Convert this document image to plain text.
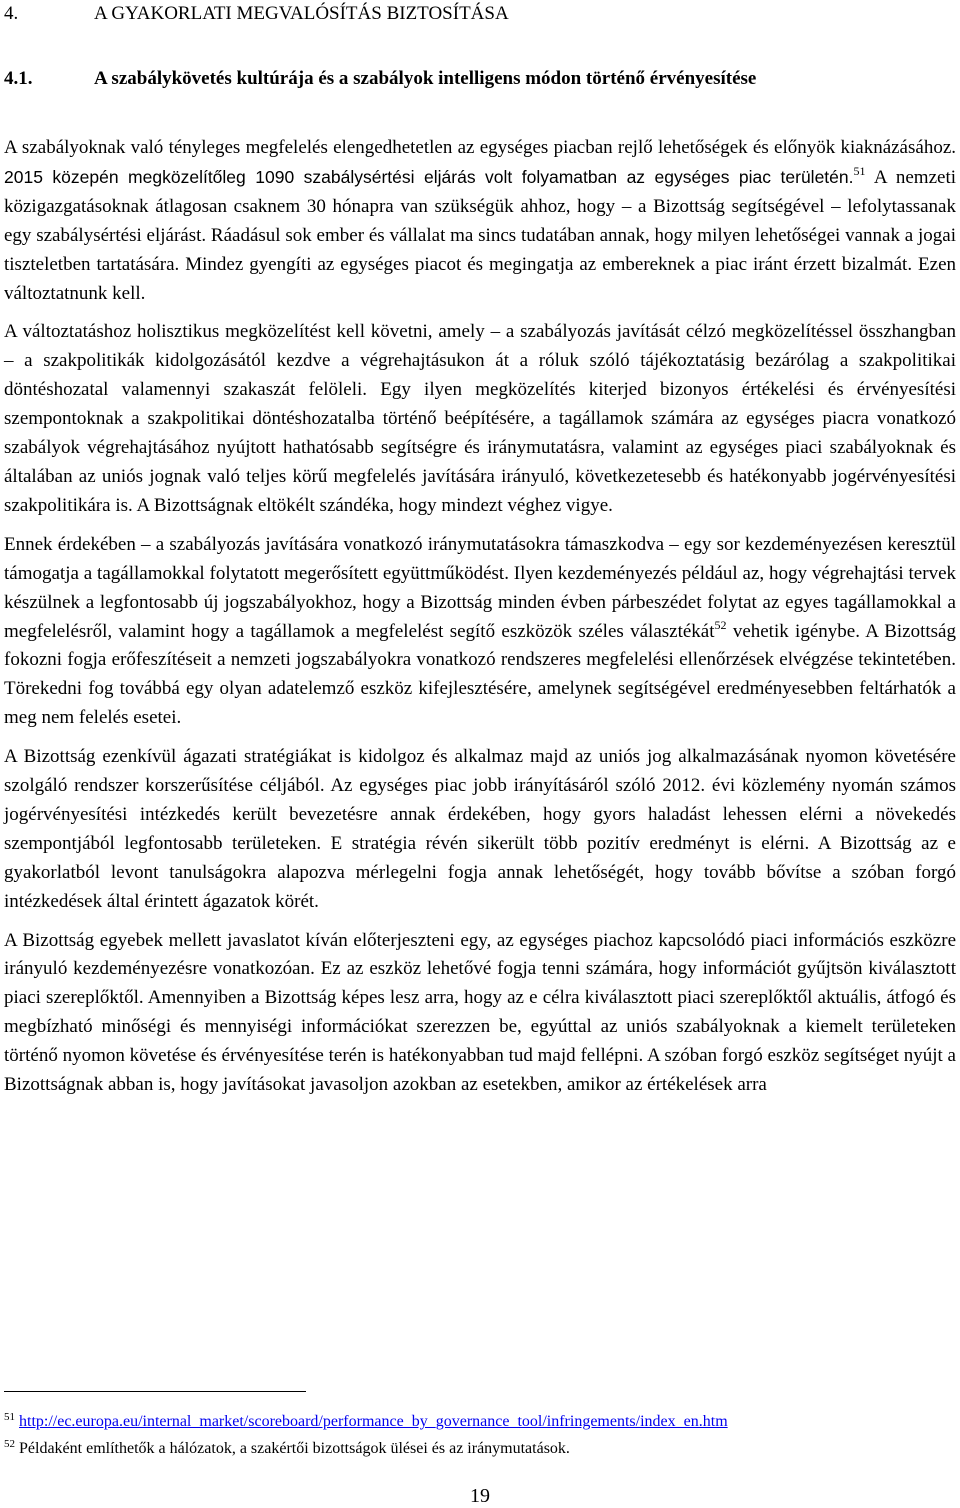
4.	A GYAKORLATI MEGVALÓSÍTÁS BIZTOSÍTÁSA
4.1.	A szabálykövetés kultúrája és a szabályok intelligens módon történő érvényesítése

A szabályoknak való tényleges megfelelés elengedhetetlen az egységes piacban rejlő lehetőségek és előnyök kiaknázásához. 2015 közepén megközelítőleg 1090 szabálysértési eljárás volt folyamatban az egységes piac területén.$^{51}$ A nemzeti közigazgatásoknak átlagosan csaknem 30 hónapra van szükségük ahhoz, hogy – a Bizottság segítségével – lefolytassanak egy szabálysértési eljárást. Ráadásul sok ember és vállalat ma sincs tudatában annak, hogy milyen lehetőségei vannak a jogai tiszteletben tartatására. Mindez gyengíti az egységes piacot és megingatja az embereknek a piac iránt érzett bizalmát. Ezen változtatnunk kell.

A változtatáshoz holisztikus megközelítést kell követni, amely – a szabályozás javítását célzó megközelítéssel összhangban – a szakpolitikák kidolgozásától kezdve a végrehajtásukon át a róluk szóló tájékoztatásig bezárólag a szakpolitikai döntéshozatal valamennyi szakaszát felöleli. Egy ilyen megközelítés kiterjed bizonyos értékelési és érvényesítési szempontoknak a szakpolitikai döntéshozatalba történő beépítésére, a tagállamok számára az egységes piacra vonatkozó szabályok végrehajtásához nyújtott hathatósabb segítségre és iránymutatásra, valamint az egységes piaci szabályoknak és általában az uniós jognak való teljes körű megfelelés javítására irányuló, következetesebb és hatékonyabb jogérvényesítési szakpolitikára is. A Bizottságnak eltökélt szándéka, hogy mindezt véghez vigye.

Ennek érdekében – a szabályozás javítására vonatkozó iránymutatásokra támaszkodva – egy sor kezdeményezésen keresztül támogatja a tagállamokkal folytatott megerősített együttműködést. Ilyen kezdeményezés például az, hogy végrehajtási tervek készülnek a legfontosabb új jogszabályokhoz, hogy a Bizottság minden évben párbeszédet folytat az egyes tagállamokkal a megfelelésről, valamint hogy a tagállamok a megfelelést segítő eszközök széles választékát$^{52}$ vehetik igénybe. A Bizottság fokozni fogja erőfeszítéseit a nemzeti jogszabályokra vonatkozó rendszeres megfelelési ellenőrzések elvégzése tekintetében. Törekedni fog továbbá egy olyan adatelemző eszköz kifejlesztésére, amelynek segítségével eredményesebben feltárhatók a meg nem felelés esetei.

A Bizottság ezenkívül ágazati stratégiákat is kidolgoz és alkalmaz majd az uniós jog alkalmazásának nyomon követésére szolgáló rendszer korszerűsítése céljából. Az egységes piac jobb irányításáról szóló 2012. évi közlemény nyomán számos jogérvényesítési intézkedés került bevezetésre annak érdekében, hogy gyors haladást lehessen elérni a növekedés szempontjából legfontosabb területeken. E stratégia révén sikerült több pozitív eredményt is elérni. A Bizottság az e gyakorlatból levont tanulságokra alapozva mérlegelni fogja annak lehetőségét, hogy tovább bővítse a szóban forgó intézkedések által érintett ágazatok körét.

A Bizottság egyebek mellett javaslatot kíván előterjeszteni egy, az egységes piachoz kapcsolódó piaci információs eszközre irányuló kezdeményezésre vonatkozóan. Ez az eszköz lehetővé fogja tenni számára, hogy információt gyűjtsön kiválasztott piaci szereplőktől. Amennyiben a Bizottság képes lesz arra, hogy az e célra kiválasztott piaci szereplőktől aktuális, átfogó és megbízható minőségi és mennyiségi információkat szerezzen be, egyúttal az uniós szabályoknak a kiemelt területeken történő nyomon követése és érvényesítése terén is hatékonyabban tud majd fellépni. A szóban forgó eszköz segítséget nyújt a Bizottságnak abban is, hogy javításokat javasoljon azokban az esetekben, amikor az értékelések arra

$^{51}$ http://ec.europa.eu/internal_market/scoreboard/performance_by_governance_tool/infringements/index_en.htm
$^{52}$ Példaként említhetők a hálózatok, a szakértői bizottságok ülései és az iránymutatások.
19
